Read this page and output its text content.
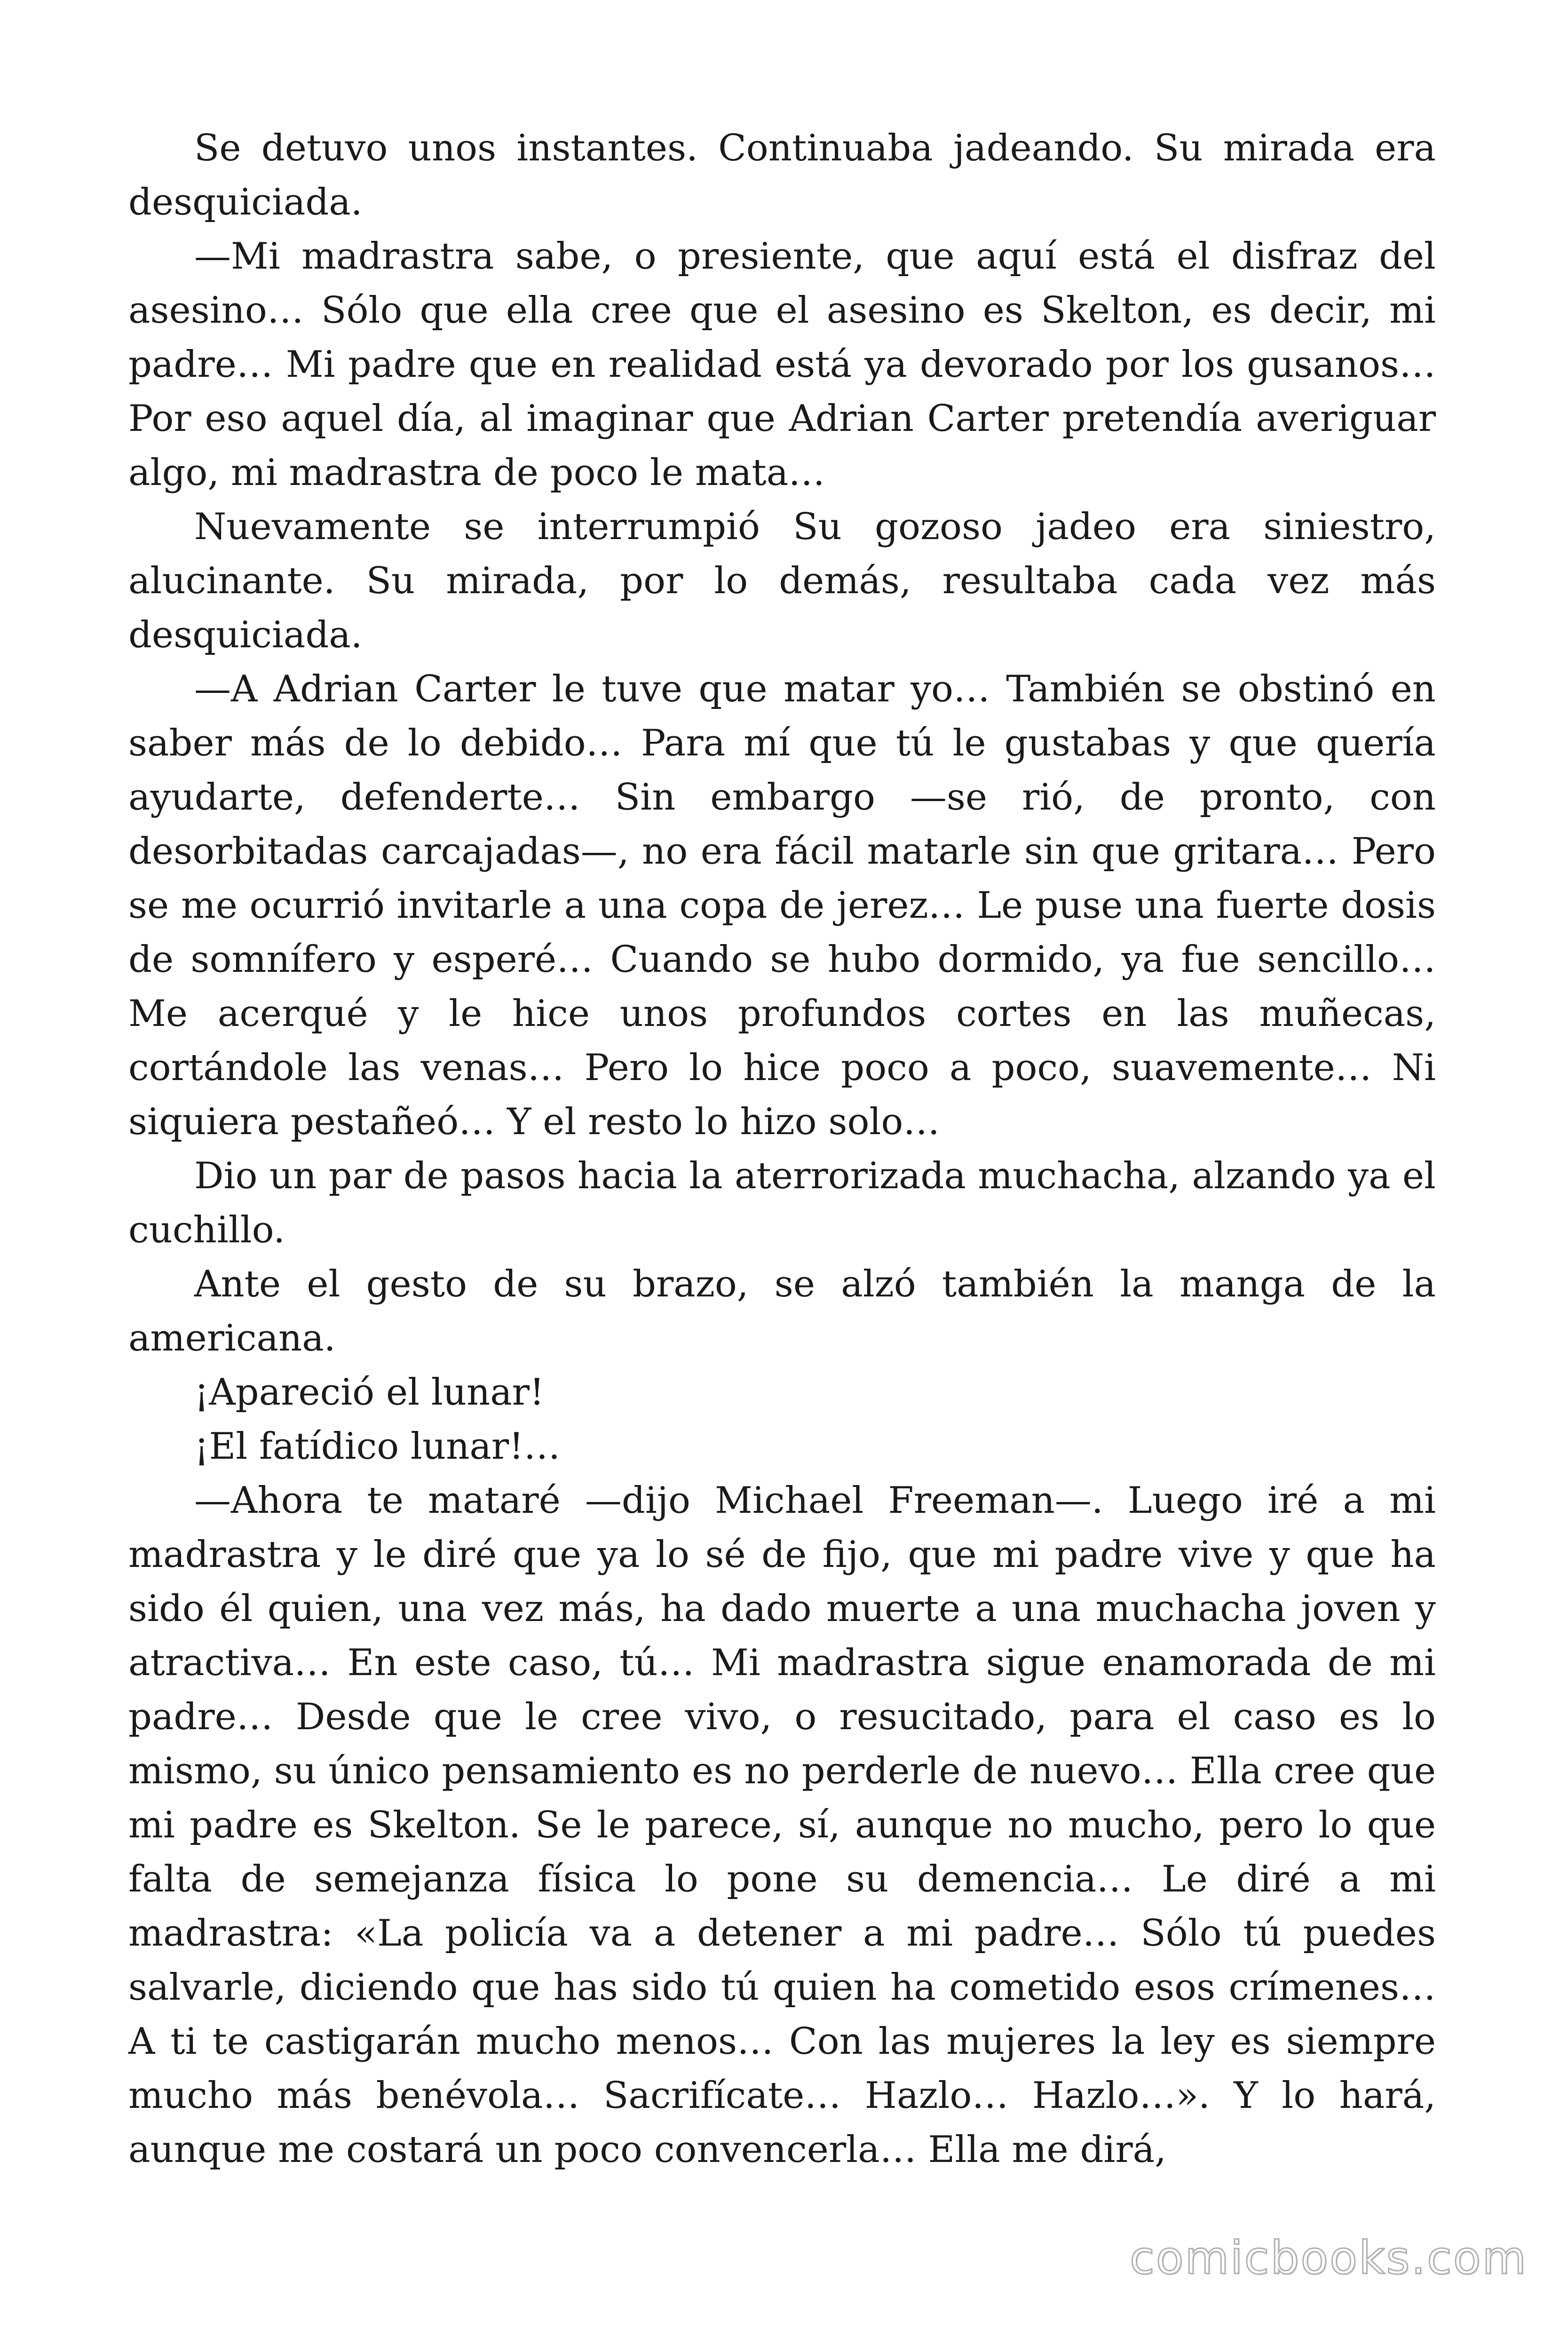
Se detuvo unos instantes. Continuaba jadeando. Su mirada era desquiciada.

—Mi madrastra sabe, o presiente, que aquí está el disfraz del asesino… Sólo que ella cree que el asesino es Skelton, es decir, mi padre… Mi padre que en realidad está ya devorado por los gusanos… Por eso aquel día, al imaginar que Adrian Carter pretendía averiguar algo, mi madrastra de poco le mata…

Nuevamente se interrumpió Su gozoso jadeo era siniestro, alucinante. Su mirada, por lo demás, resultaba cada vez más desquiciada.

—A Adrian Carter le tuve que matar yo… También se obstinó en saber más de lo debido… Para mí que tú le gustabas y que quería ayudarte, defenderte… Sin embargo —se rió, de pronto, con desorbitadas carcajadas—, no era fácil matarle sin que gritara… Pero se me ocurrió invitarle a una copa de jerez… Le puse una fuerte dosis de somnífero y esperé… Cuando se hubo dormido, ya fue sencillo… Me acerqué y le hice unos profundos cortes en las muñecas, cortándole las venas… Pero lo hice poco a poco, suavemente… Ni siquiera pestañeó… Y el resto lo hizo solo…

Dio un par de pasos hacia la aterrorizada muchacha, alzando ya el cuchillo.

Ante el gesto de su brazo, se alzó también la manga de la americana.

¡Apareció el lunar!

¡El fatídico lunar!…

—Ahora te mataré —dijo Michael Freeman—. Luego iré a mi madrastra y le diré que ya lo sé de fijo, que mi padre vive y que ha sido él quien, una vez más, ha dado muerte a una muchacha joven y atractiva… En este caso, tú… Mi madrastra sigue enamorada de mi padre… Desde que le cree vivo, o resucitado, para el caso es lo mismo, su único pensamiento es no perderle de nuevo… Ella cree que mi padre es Skelton. Se le parece, sí, aunque no mucho, pero lo que falta de semejanza física lo pone su demencia… Le diré a mi madrastra: «La policía va a detener a mi padre… Sólo tú puedes salvarle, diciendo que has sido tú quien ha cometido esos crímenes… A ti te castigarán mucho menos… Con las mujeres la ley es siempre mucho más benévola… Sacrifícate… Hazlo… Hazlo…». Y lo hará, aunque me costará un poco convencerla… Ella me dirá,

comicbooks.com
